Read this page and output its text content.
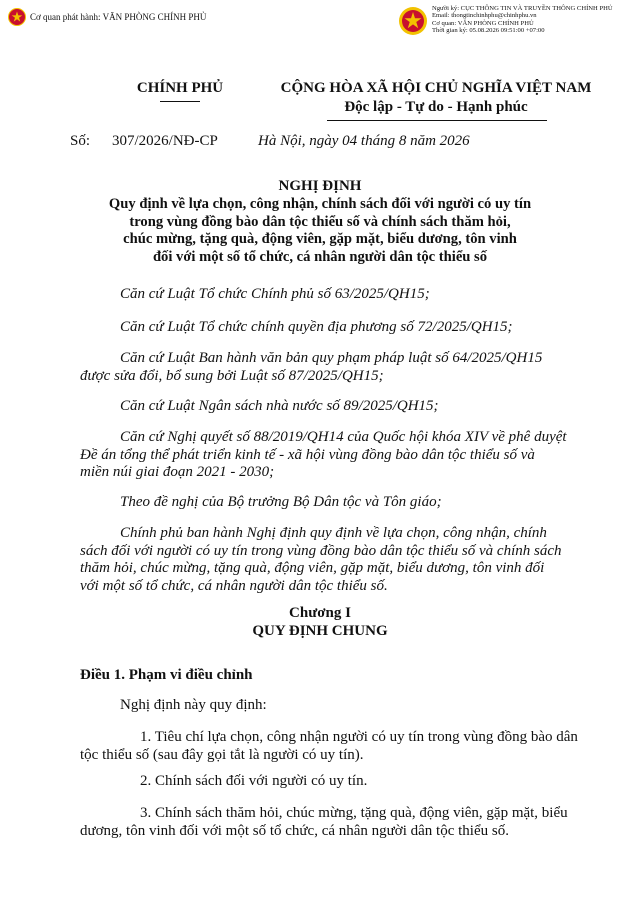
Cơ quan phát hành: VĂN PHÒNG CHÍNH PHỦ
Người ký: CỤC THÔNG TIN VÀ TRUYỀN THÔNG CHÍNH PHỦ
Email: thongtinchinhphu@chinhphu.vn
Cơ quan: VĂN PHÒNG CHÍNH PHỦ
Thời gian ký: 05.08.2026 09:51:00 +07:00
CHÍNH PHỦ	CỘNG HÒA XÃ HỘI CHỦ NGHĨA VIỆT NAM
Độc lập - Tự do - Hạnh phúc
Số: 307/2026/NĐ-CP	Hà Nội, ngày 04 tháng 8 năm 2026
NGHỊ ĐỊNH
Quy định về lựa chọn, công nhận, chính sách đối với người có uy tín
trong vùng đồng bào dân tộc thiểu số và chính sách thăm hỏi,
chúc mừng, tặng quà, động viên, gặp mặt, biểu dương, tôn vinh
đối với một số tổ chức, cá nhân người dân tộc thiểu số
Căn cứ Luật Tổ chức Chính phủ số 63/2025/QH15;
Căn cứ Luật Tổ chức chính quyền địa phương số 72/2025/QH15;
Căn cứ Luật Ban hành văn bản quy phạm pháp luật số 64/2025/QH15
được sửa đổi, bổ sung bởi Luật số 87/2025/QH15;
Căn cứ Luật Ngân sách nhà nước số 89/2025/QH15;
Căn cứ Nghị quyết số 88/2019/QH14 của Quốc hội khóa XIV về phê duyệt
Đề án tổng thể phát triển kinh tế - xã hội vùng đồng bào dân tộc thiểu số và
miền núi giai đoạn 2021 - 2030;
Theo đề nghị của Bộ trưởng Bộ Dân tộc và Tôn giáo;
Chính phủ ban hành Nghị định quy định về lựa chọn, công nhận, chính
sách đối với người có uy tín trong vùng đồng bào dân tộc thiểu số và chính sách
thăm hỏi, chúc mừng, tặng quà, động viên, gặp mặt, biểu dương, tôn vinh đối
với một số tổ chức, cá nhân người dân tộc thiểu số.
Chương I
QUY ĐỊNH CHUNG
Điều 1. Phạm vi điều chỉnh
Nghị định này quy định:
1. Tiêu chí lựa chọn, công nhận người có uy tín trong vùng đồng bào dân
tộc thiểu số (sau đây gọi tắt là người có uy tín).
2. Chính sách đối với người có uy tín.
3. Chính sách thăm hỏi, chúc mừng, tặng quà, động viên, gặp mặt, biểu
dương, tôn vinh đối với một số tổ chức, cá nhân người dân tộc thiểu số.
